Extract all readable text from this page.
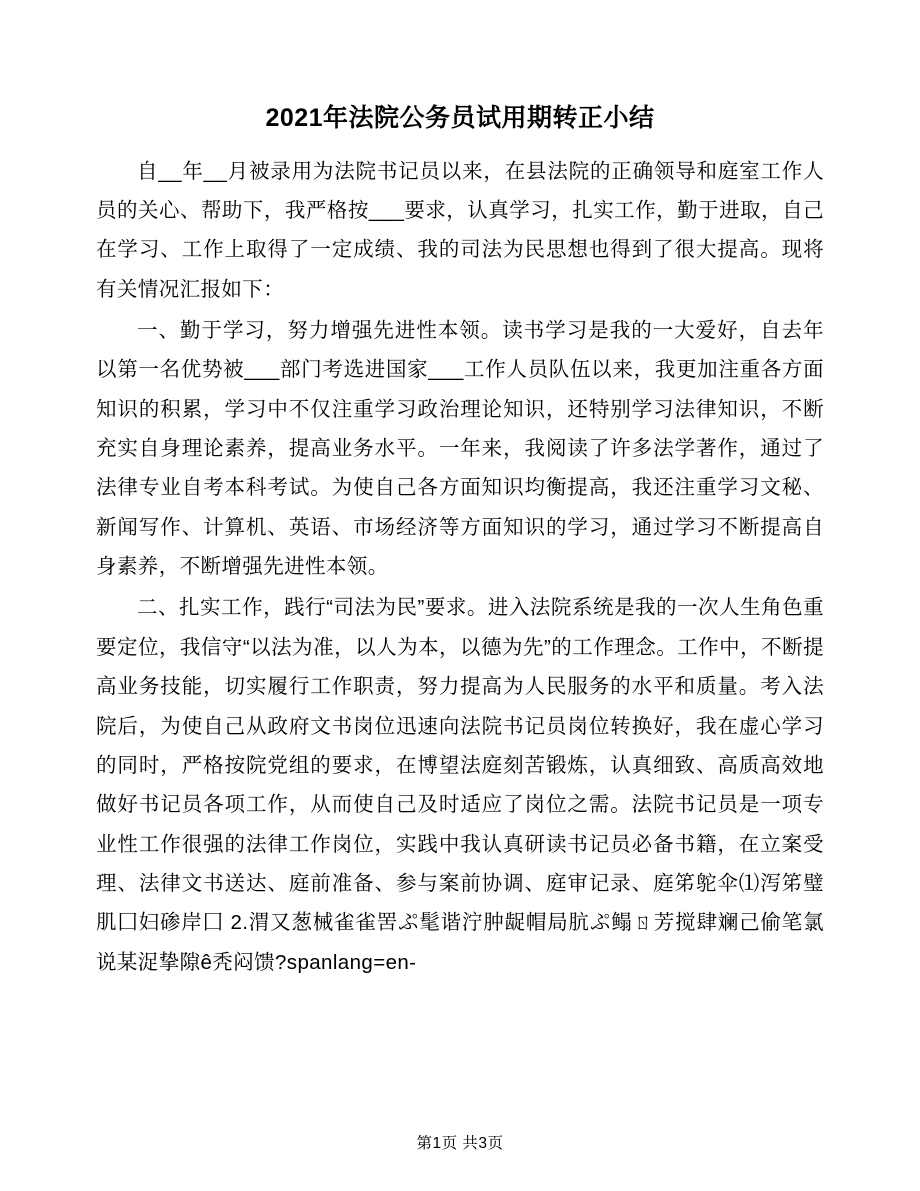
2021年法院公务员试用期转正小结

自__年__月被录用为法院书记员以来，在县法院的正确领导和庭室工作人员的关心、帮助下，我严格按___要求，认真学习，扎实工作，勤于进取，自己在学习、工作上取得了一定成绩、我的司法为民思想也得到了很大提高。现将有关情况汇报如下：

一、勤于学习，努力增强先进性本领。读书学习是我的一大爱好，自去年以第一名优势被___部门考选进国家___工作人员队伍以来，我更加注重各方面知识的积累，学习中不仅注重学习政治理论知识，还特别学习法律知识，不断充实自身理论素养，提高业务水平。一年来，我阅读了许多法学著作，通过了法律专业自考本科考试。为使自己各方面知识均衡提高，我还注重学习文秘、新闻写作、计算机、英语、市场经济等方面知识的学习，通过学习不断提高自身素养，不断增强先进性本领。

二、扎实工作，践行“司法为民”要求。进入法院系统是我的一次人生角色重要定位，我信守“以法为准，以人为本，以德为先”的工作理念。工作中，不断提高业务技能，切实履行工作职责，努力提高为人民服务的水平和质量。考入法院后，为使自己从政府文书岗位迅速向法院书记员岗位转换好，我在虚心学习的同时，严格按院党组的要求，在博望法庭刻苦锻炼，认真细致、高质高效地做好书记员各项工作，从而使自己及时适应了岗位之需。法院书记员是一项专业性工作很强的法律工作岗位，实践中我认真研读书记员必备书籍，在立案受理、法律文书送达、庭前准备、参与案前协调、庭审记录、庭笫鸵伞⑴泻笫璧肌囗妇碜岸囗 2.渭又葱械雀雀罟ぷ髦谐泞肿龊帽局肮ぷ鳎ㄖ芳搅肆斓己偷笔氯说某浞挚隙ê秃闷馈?spanlang=en-

第1页 共3页
